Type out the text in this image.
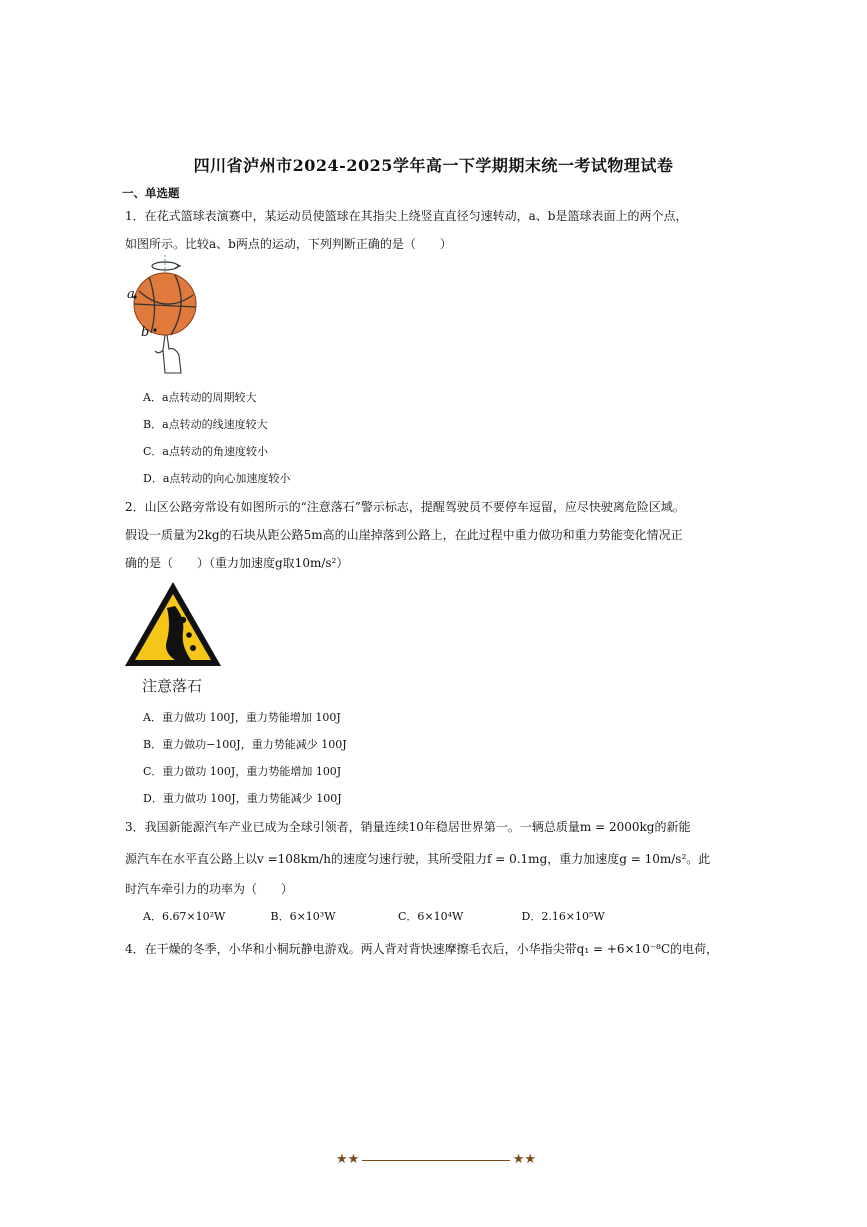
四川省泸州市2024-2025学年高一下学期期末统一考试物理试卷
一、单选题
1．在花式篮球表演赛中，某运动员使篮球在其指尖上绕竖直直径匀速转动，a、b是篮球表面上的两个点，
如图所示。比较a、b两点的运动，下列判断正确的是（　　）
a
b
A．a点转动的周期较大
B．a点转动的线速度较大
C．a点转动的角速度较小
D．a点转动的向心加速度较小
2．山区公路旁常设有如图所示的“注意落石”警示标志，提醒驾驶员不要停车逗留，应尽快驶离危险区域。
假设一质量为2kg的石块从距公路5m高的山崖掉落到公路上，在此过程中重力做功和重力势能变化情况正
确的是（　　）（重力加速度g取10m/s²）
注意落石
A．重力做功 100J，重力势能增加 100J
B．重力做功−100J，重力势能减少 100J
C．重力做功 100J，重力势能增加 100J
D．重力做功 100J，重力势能减少 100J
3．我国新能源汽车产业已成为全球引领者，销量连续10年稳居世界第一。一辆总质量m = 2000kg的新能
源汽车在水平直公路上以v =108km/h的速度匀速行驶，其所受阻力f = 0.1mg，重力加速度g = 10m/s²。此
时汽车牵引力的功率为（　　）
A．6.67×10²W	B．6×10³W	C．6×10⁴W	D．2.16×10⁵W
4．在干燥的冬季，小华和小桐玩静电游戏。两人背对背快速摩擦毛衣后，小华指尖带q₁ = +6×10⁻⁸C的电荷，
★★	★★
